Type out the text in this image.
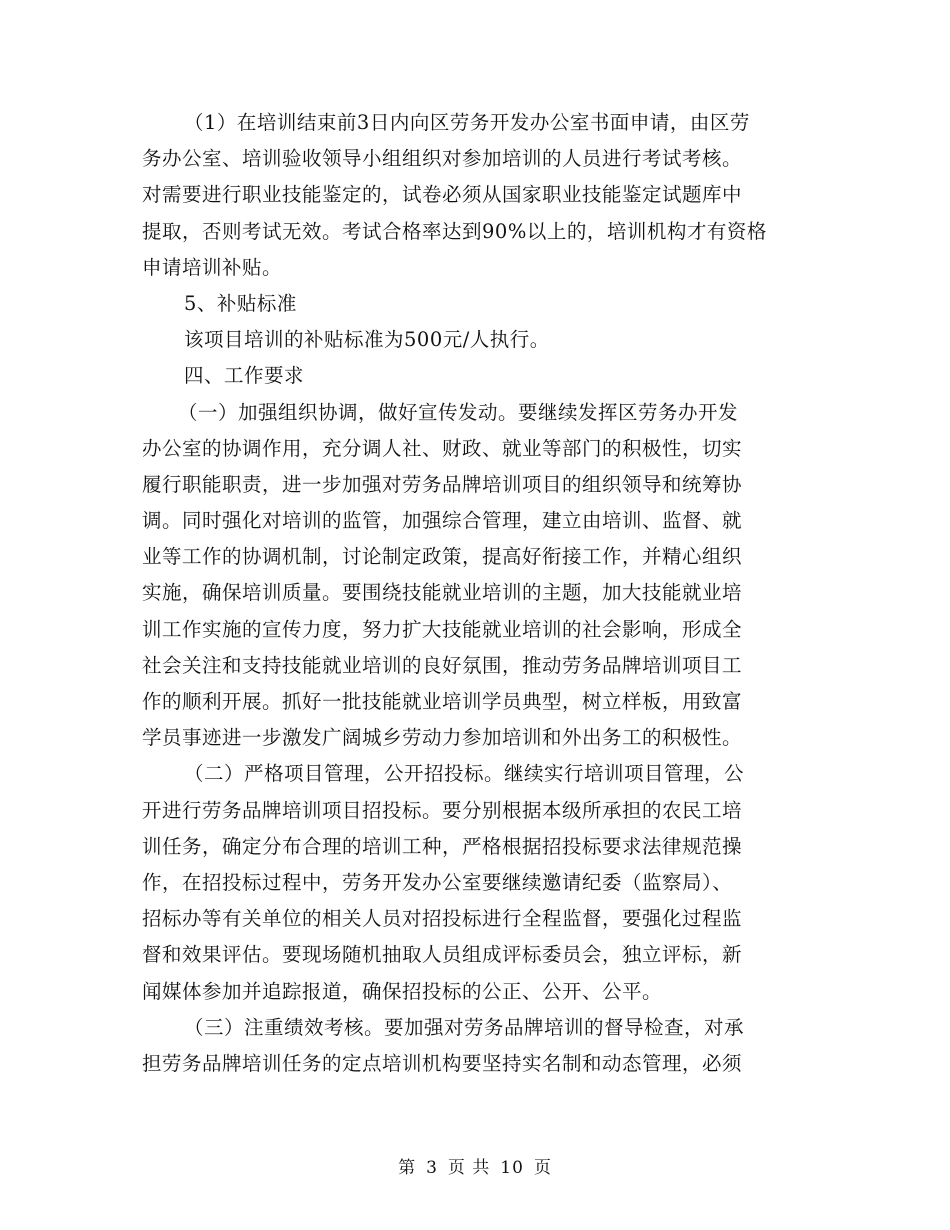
（1）在培训结束前3日内向区劳务开发办公室书面申请，由区劳
务办公室、培训验收领导小组组织对参加培训的人员进行考试考核。
对需要进行职业技能鉴定的，试卷必须从国家职业技能鉴定试题库中
提取，否则考试无效。考试合格率达到90%以上的，培训机构才有资格
申请培训补贴。
5、补贴标准
该项目培训的补贴标准为500元/人执行。
四、工作要求
（一）加强组织协调，做好宣传发动。要继续发挥区劳务办开发
办公室的协调作用，充分调人社、财政、就业等部门的积极性，切实
履行职能职责，进一步加强对劳务品牌培训项目的组织领导和统筹协
调。同时强化对培训的监管，加强综合管理，建立由培训、监督、就
业等工作的协调机制，讨论制定政策，提高好衔接工作，并精心组织
实施，确保培训质量。要围绕技能就业培训的主题，加大技能就业培
训工作实施的宣传力度，努力扩大技能就业培训的社会影响，形成全
社会关注和支持技能就业培训的良好氛围，推动劳务品牌培训项目工
作的顺利开展。抓好一批技能就业培训学员典型，树立样板，用致富
学员事迹进一步激发广阔城乡劳动力参加培训和外出务工的积极性。
（二）严格项目管理，公开招投标。继续实行培训项目管理，公
开进行劳务品牌培训项目招投标。要分别根据本级所承担的农民工培
训任务，确定分布合理的培训工种，严格根据招投标要求法律规范操
作，在招投标过程中，劳务开发办公室要继续邀请纪委（监察局）、
招标办等有关单位的相关人员对招投标进行全程监督，要强化过程监
督和效果评估。要现场随机抽取人员组成评标委员会，独立评标，新
闻媒体参加并追踪报道，确保招投标的公正、公开、公平。
（三）注重绩效考核。要加强对劳务品牌培训的督导检查，对承
担劳务品牌培训任务的定点培训机构要坚持实名制和动态管理，必须
第 3 页 共 10 页
